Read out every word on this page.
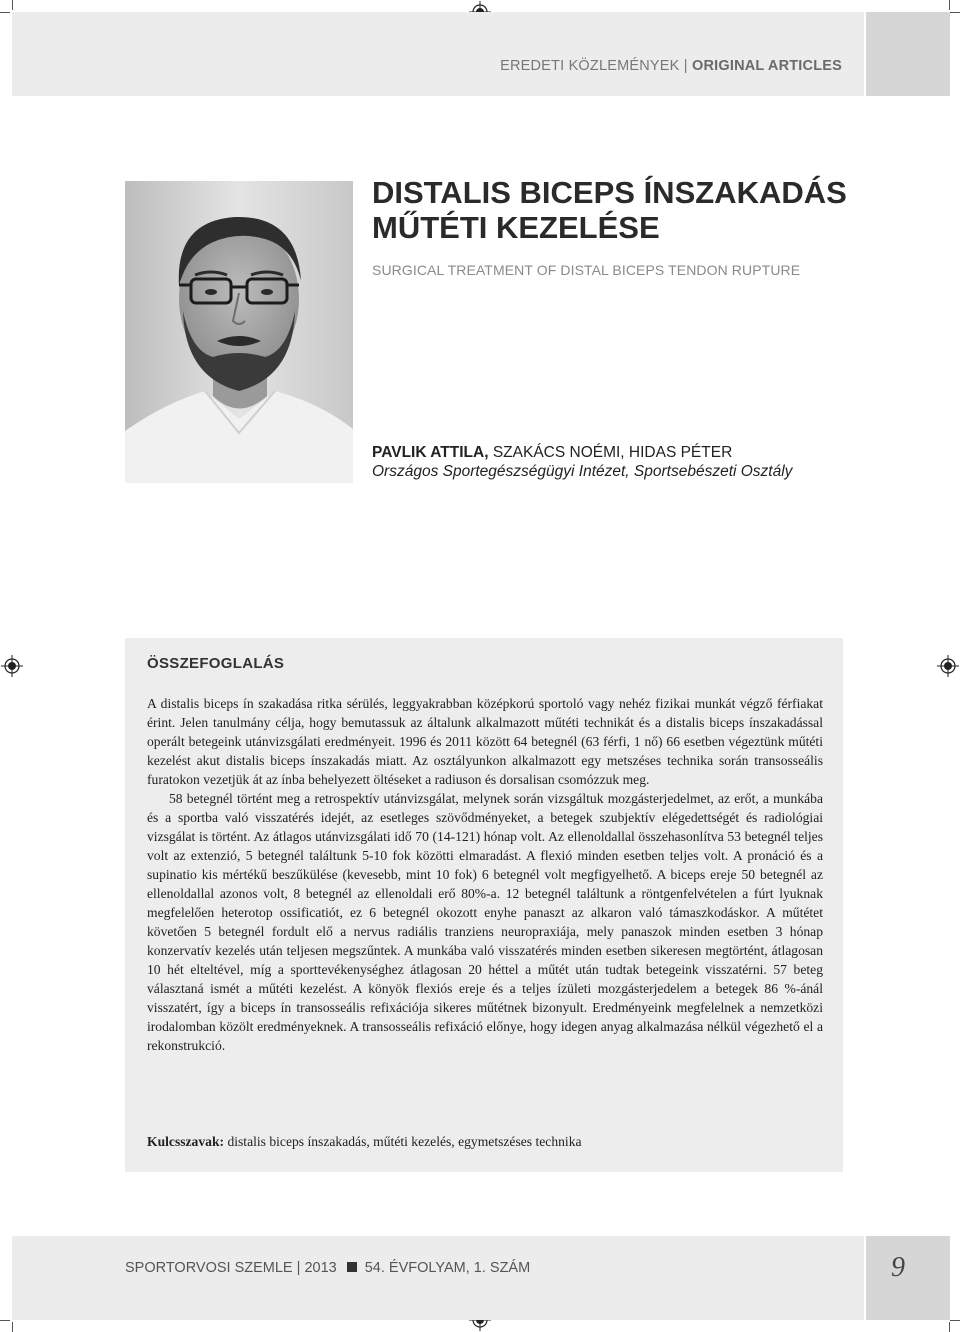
EREDETI KÖZLEMÉNYEK | ORIGINAL ARTICLES
DISTALIS BICEPS ÍNSZAKADÁS
MŰTÉTI KEZELÉSE
SURGICAL TREATMENT OF DISTAL BICEPS TENDON RUPTURE
PAVLIK ATTILA, SZAKÁCS NOÉMI, HIDAS PÉTER
Országos Sportegészségügyi Intézet, Sportsebészeti Osztály
ÖSSZEFOGLALÁS

A distalis biceps ín szakadása ritka sérülés, leggyakrabban középkorú sportoló vagy nehéz fizikai munkát végző férfiakat érint. Jelen tanulmány célja, hogy bemutassuk az általunk alkalmazott műtéti technikát és a distalis biceps ínszakadással operált betegeink utánvizsgálati eredményeit. 1996 és 2011 között 64 betegnél (63 férfi, 1 nő) 66 esetben végeztünk műtéti kezelést akut distalis biceps ínszakadás miatt. Az osztályunkon alkalmazott egy metszéses technika során transosseális furatokon vezetjük át az ínba behelyezett öltéseket a radiuson és dorsalisan csomózzuk meg.

58 betegnél történt meg a retrospektív utánvizsgálat, melynek során vizsgáltuk mozgásterjedelmet, az erőt, a munkába és a sportba való visszatérés idejét, az esetleges szövődményeket, a betegek szubjektív elégedettségét és radiológiai vizsgálat is történt. Az átlagos utánvizsgálati idő 70 (14-121) hónap volt. Az ellenoldallal összehasonlítva 53 betegnél teljes volt az extenzió, 5 betegnél találtunk 5-10 fok közötti elmaradást. A flexió minden esetben teljes volt. A pronáció és a supinatio kis mértékű beszűkülése (kevesebb, mint 10 fok) 6 betegnél volt megfigyelhető. A biceps ereje 50 betegnél az ellenoldallal azonos volt, 8 betegnél az ellenoldali erő 80%-a. 12 betegnél találtunk a röntgenfelvételen a fúrt lyuknak megfelelően heterotop ossificatiót, ez 6 betegnél okozott enyhe panaszt az alkaron való támaszkodáskor. A műtétet követően 5 betegnél fordult elő a nervus radiális tranziens neuropraxiája, mely panaszok minden esetben 3 hónap konzervatív kezelés után teljesen megszűntek. A munkába való visszatérés minden esetben sikeresen megtörtént, átlagosan 10 hét elteltével, míg a sporttevékenységhez átlagosan 20 héttel a műtét után tudtak betegeink visszatérni. 57 beteg választaná ismét a műtéti kezelést. A könyök flexiós ereje és a teljes ízületi mozgásterjedelem a betegek 86 %-ánál visszatért, így a biceps ín transosseális refixációja sikeres műtétnek bizonyult. Eredményeink megfelelnek a nemzetközi irodalomban közölt eredményeknek. A transosseális refixáció előnye, hogy idegen anyag alkalmazása nélkül végezhető el a rekonstrukció.

Kulcsszavak: distalis biceps ínszakadás, műtéti kezelés, egymetszéses technika
SPORTORVOSI SZEMLE | 2013 54. ÉVFOLYAM, 1. SZÁM	9
